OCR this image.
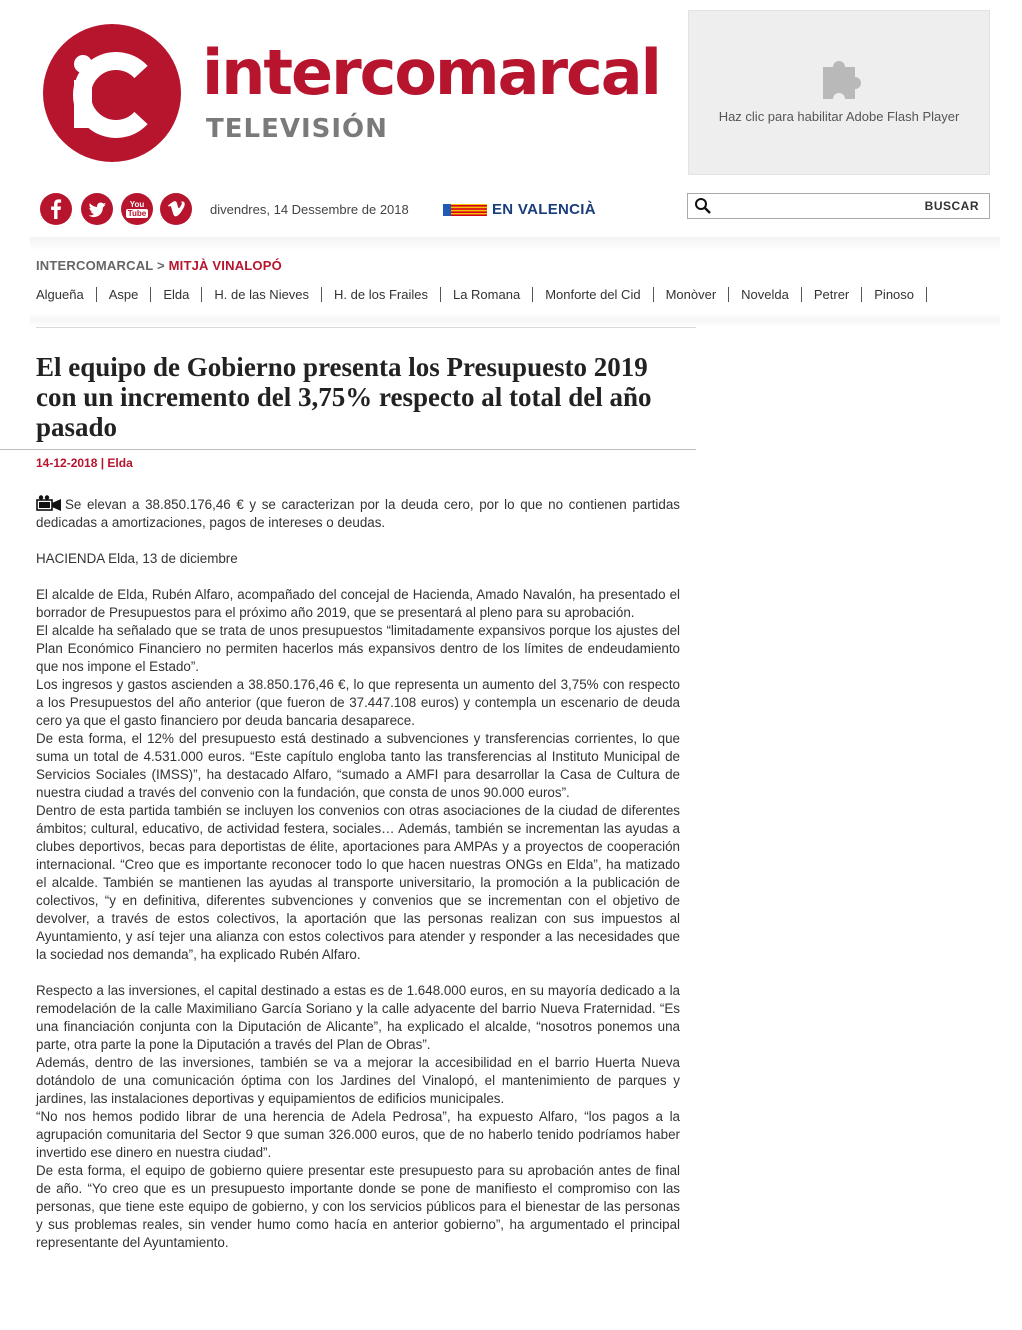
intercomarcal
TELEVISIÓN	Haz clic para habilitar Adobe Flash Player
You
Tube	divendres, 14 Dessembre de 2018	EN VALENCIÀ	BUSCAR
INTERCOMARCAL > MITJÀ VINALOPÓ
Algueña Aspe Elda H. de las Nieves H. de los Frailes La Romana Monforte del Cid Monòver Novelda Petrer Pinoso
El equipo de Gobierno presenta los Presupuesto 2019 con un incremento del 3,75% respecto al total del año pasado
14-12-2018 | Elda

Se elevan a 38.850.176,46 € y se caracterizan por la deuda cero, por lo que no contienen partidas dedicadas a amortizaciones, pagos de intereses o deudas.

HACIENDA Elda, 13 de diciembre

El alcalde de Elda, Rubén Alfaro, acompañado del concejal de Hacienda, Amado Navalón, ha presentado el borrador de Presupuestos para el próximo año 2019, que se presentará al pleno para su aprobación.

El alcalde ha señalado que se trata de unos presupuestos “limitadamente expansivos porque los ajustes del Plan Económico Financiero no permiten hacerlos más expansivos dentro de los límites de endeudamiento que nos impone el Estado”.

Los ingresos y gastos ascienden a 38.850.176,46 €, lo que representa un aumento del 3,75% con respecto a los Presupuestos del año anterior (que fueron de 37.447.108 euros) y contempla un escenario de deuda cero ya que el gasto financiero por deuda bancaria desaparece.

De esta forma, el 12% del presupuesto está destinado a subvenciones y transferencias corrientes, lo que suma un total de 4.531.000 euros. “Este capítulo engloba tanto las transferencias al Instituto Municipal de Servicios Sociales (IMSS)”, ha destacado Alfaro, “sumado a AMFI para desarrollar la Casa de Cultura de nuestra ciudad a través del convenio con la fundación, que consta de unos 90.000 euros”.

Dentro de esta partida también se incluyen los convenios con otras asociaciones de la ciudad de diferentes ámbitos; cultural, educativo, de actividad festera, sociales… Además, también se incrementan las ayudas a clubes deportivos, becas para deportistas de élite, aportaciones para AMPAs y a proyectos de cooperación internacional. “Creo que es importante reconocer todo lo que hacen nuestras ONGs en Elda”, ha matizado el alcalde. También se mantienen las ayudas al transporte universitario, la promoción a la publicación de colectivos, “y en definitiva, diferentes subvenciones y convenios que se incrementan con el objetivo de devolver, a través de estos colectivos, la aportación que las personas realizan con sus impuestos al Ayuntamiento, y así tejer una alianza con estos colectivos para atender y responder a las necesidades que la sociedad nos demanda”, ha explicado Rubén Alfaro.

Respecto a las inversiones, el capital destinado a estas es de 1.648.000 euros, en su mayoría dedicado a la remodelación de la calle Maximiliano García Soriano y la calle adyacente del barrio Nueva Fraternidad. “Es una financiación conjunta con la Diputación de Alicante”, ha explicado el alcalde, “nosotros ponemos una parte, otra parte la pone la Diputación a través del Plan de Obras”.

Además, dentro de las inversiones, también se va a mejorar la accesibilidad en el barrio Huerta Nueva dotándolo de una comunicación óptima con los Jardines del Vinalopó, el mantenimiento de parques y jardines, las instalaciones deportivas y equipamientos de edificios municipales.

“No nos hemos podido librar de una herencia de Adela Pedrosa”, ha expuesto Alfaro, “los pagos a la agrupación comunitaria del Sector 9 que suman 326.000 euros, que de no haberlo tenido podríamos haber invertido ese dinero en nuestra ciudad”.

De esta forma, el equipo de gobierno quiere presentar este presupuesto para su aprobación antes de final de año. “Yo creo que es un presupuesto importante donde se pone de manifiesto el compromiso con las personas, que tiene este equipo de gobierno, y con los servicios públicos para el bienestar de las personas y sus problemas reales, sin vender humo como hacía en anterior gobierno”, ha argumentado el principal representante del Ayuntamiento.
